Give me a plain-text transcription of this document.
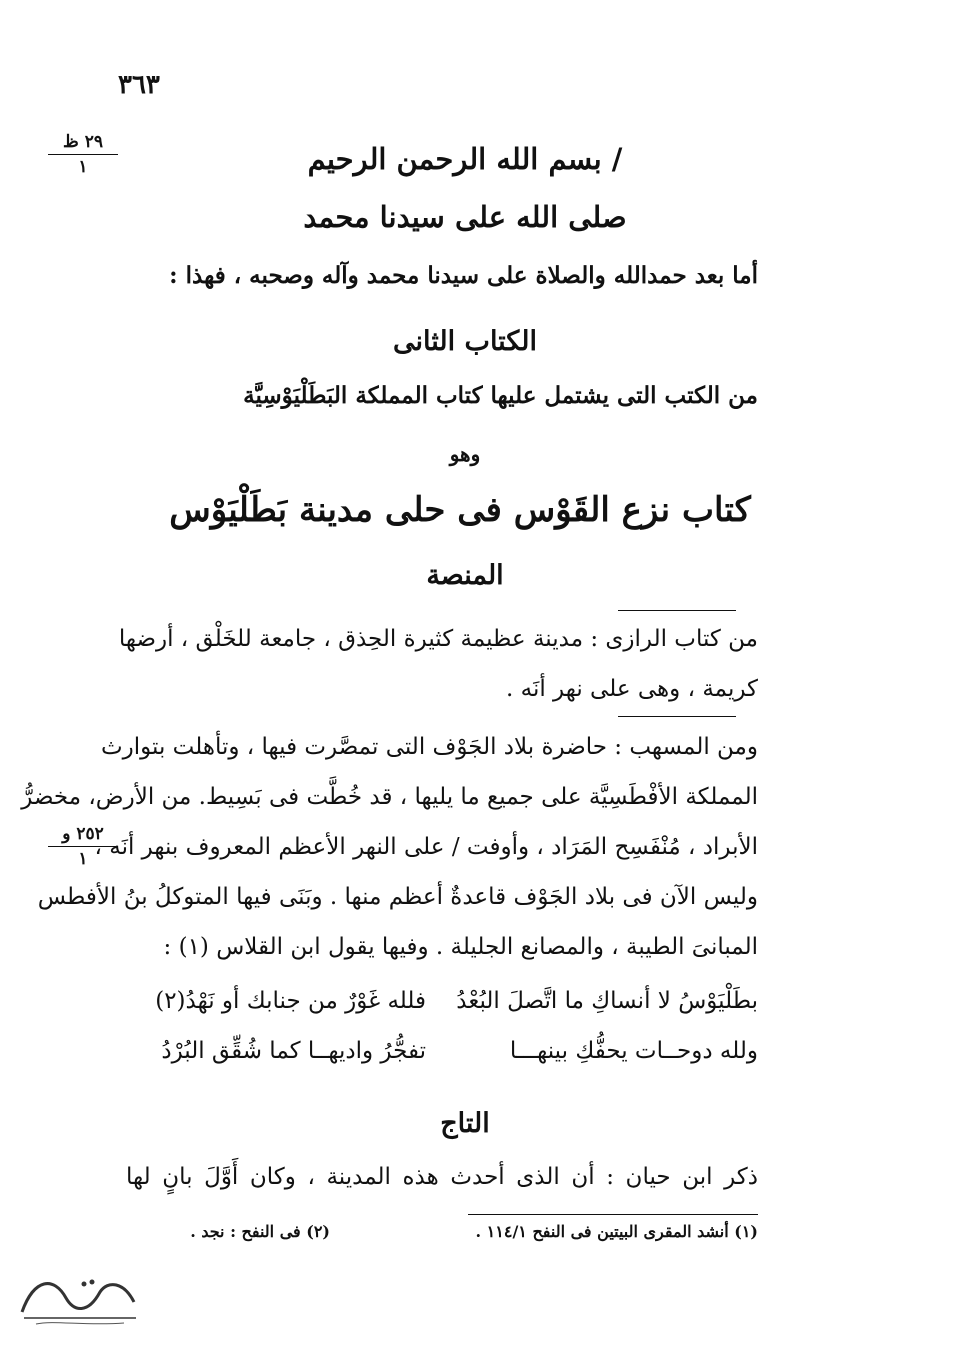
٣٦٣
٢٩ ظ
١
٢٥٢ و
١
/ بسم الله الرحمن الرحيم
صلى الله على سيدنا محمد
أما بعد حمدالله والصلاة على سيدنا محمد وآله وصحبه ، فهذا :
الكتاب الثانى
من الكتب التى يشتمل عليها كتاب المملكة البَطَلْيَوْسِيَّة
وهو
كتاب نزع القَوْس فى حلى مدينة بَطَلْيَوْس
المنصة
من كتاب الرازى : مدينة عظيمة كثيرة الحِذق ، جامعة للخَلْق ، أرضها
كريمة ، وهى على نهر أنَه .
ومن المسهب : حاضرة بلاد الجَوْف التى تمصَّرت فيها ، وتأهلت بتوارث
المملكة الأفْطَسِيَّة على جميع ما يليها ، قد خُطَّت فى بَسِيط. من الأرض، مخضرُّ
الأبراد ، مُنْفَسِح المَرَاد ، وأوفت / على النهر الأعظم المعروف بنهر أنَه ،
وليس الآن فى بلاد الجَوْف قاعدةٌ أعظم منها . وبَنَى فيها المتوكلُ بنُ الأفطس
المبانىَ الطيبة ، والمصانع الجليلة . وفيها يقول ابن القلاس (١) :
بطَلْيَوْسُ لا أنساكِ ما اتَّصلَ البُعْدُ
فلله غَوْرٌ من جنابك أو نَهْدُ(٢)
ولله دوحــات يحفُّكِ بينهـــا
تفجُّرُ واديهــا كما شُقِّق البُرْدُ
التاج
ذكر ابن حيان : أن الذى أحدث هذه المدينة ، وكان أَوَّلَ بانٍ لها
(١) أنشد المقرى البيتين فى النفح ١١٤/١ .
(٢) فى النفح : نجد .
